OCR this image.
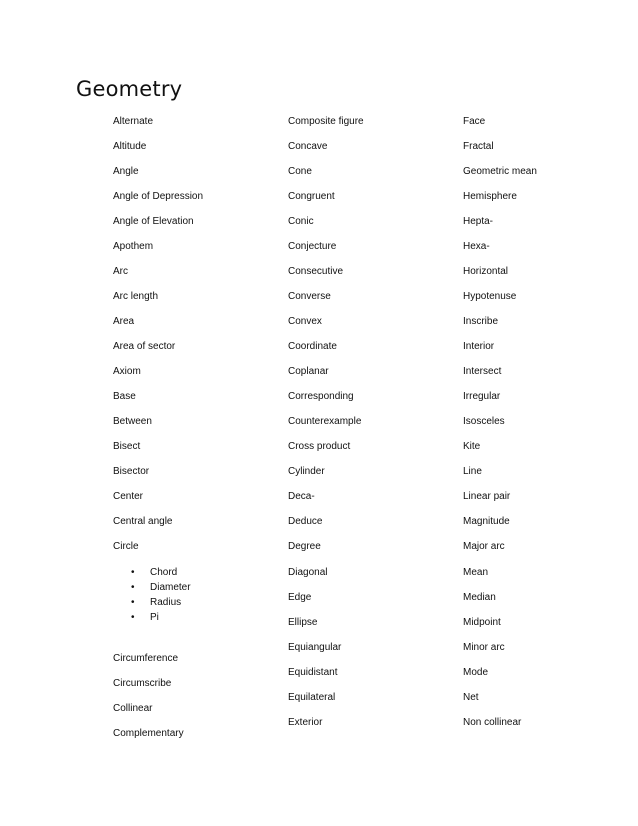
Geometry
Alternate
Altitude
Angle
Angle of Depression
Angle of Elevation
Apothem
Arc
Arc length
Area
Area of sector
Axiom
Base
Between
Bisect
Bisector
Center
Central angle
Circle
• Chord
• Diameter
• Radius
• Pi
Circumference
Circumscribe
Collinear
Complementary
Composite figure
Concave
Cone
Congruent
Conic
Conjecture
Consecutive
Converse
Convex
Coordinate
Coplanar
Corresponding
Counterexample
Cross product
Cylinder
Deca-
Deduce
Degree
Diagonal
Edge
Ellipse
Equiangular
Equidistant
Equilateral
Exterior
Face
Fractal
Geometric mean
Hemisphere
Hepta-
Hexa-
Horizontal
Hypotenuse
Inscribe
Interior
Intersect
Irregular
Isosceles
Kite
Line
Linear pair
Magnitude
Major arc
Mean
Median
Midpoint
Minor arc
Mode
Net
Non collinear
